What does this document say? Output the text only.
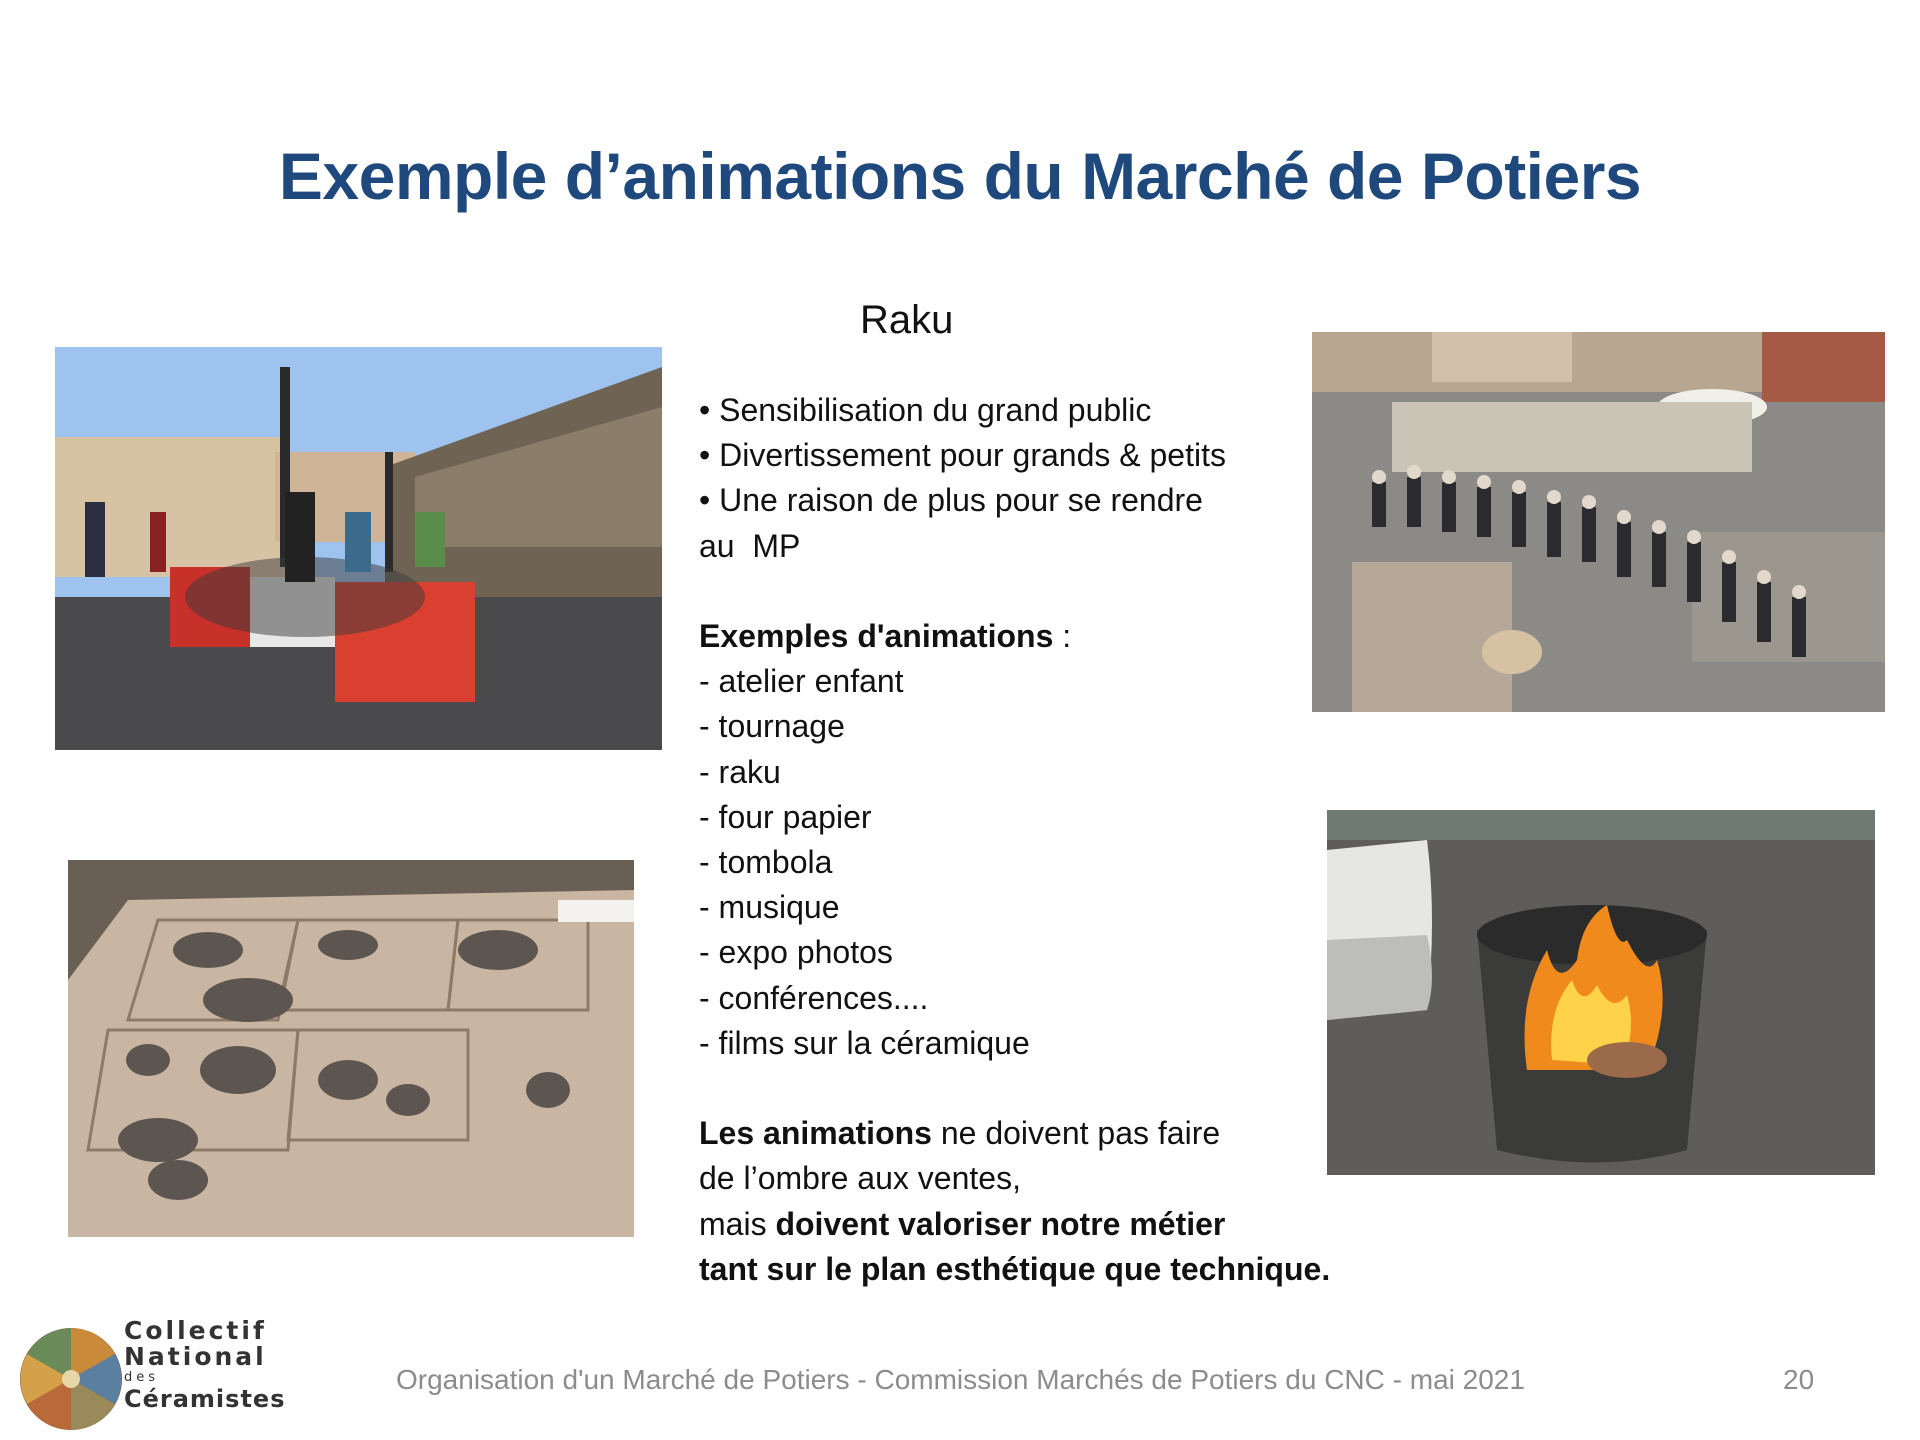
Exemple d’animations du Marché de Potiers
Raku
• Sensibilisation du grand public
• Divertissement pour grands & petits
• Une raison de plus pour se rendre
au  MP
Exemples d'animations :
- atelier enfant
- tournage
- raku
- four papier
- tombola
- musique
- expo photos
- conférences....
- films sur la céramique
Les animations ne doivent pas faire
de l’ombre aux ventes,
mais doivent valoriser notre métier
tant sur le plan esthétique que technique.
Collectif
National
des
Céramistes
Organisation d'un Marché de Potiers - Commission Marchés de Potiers du CNC - mai 2021	20
